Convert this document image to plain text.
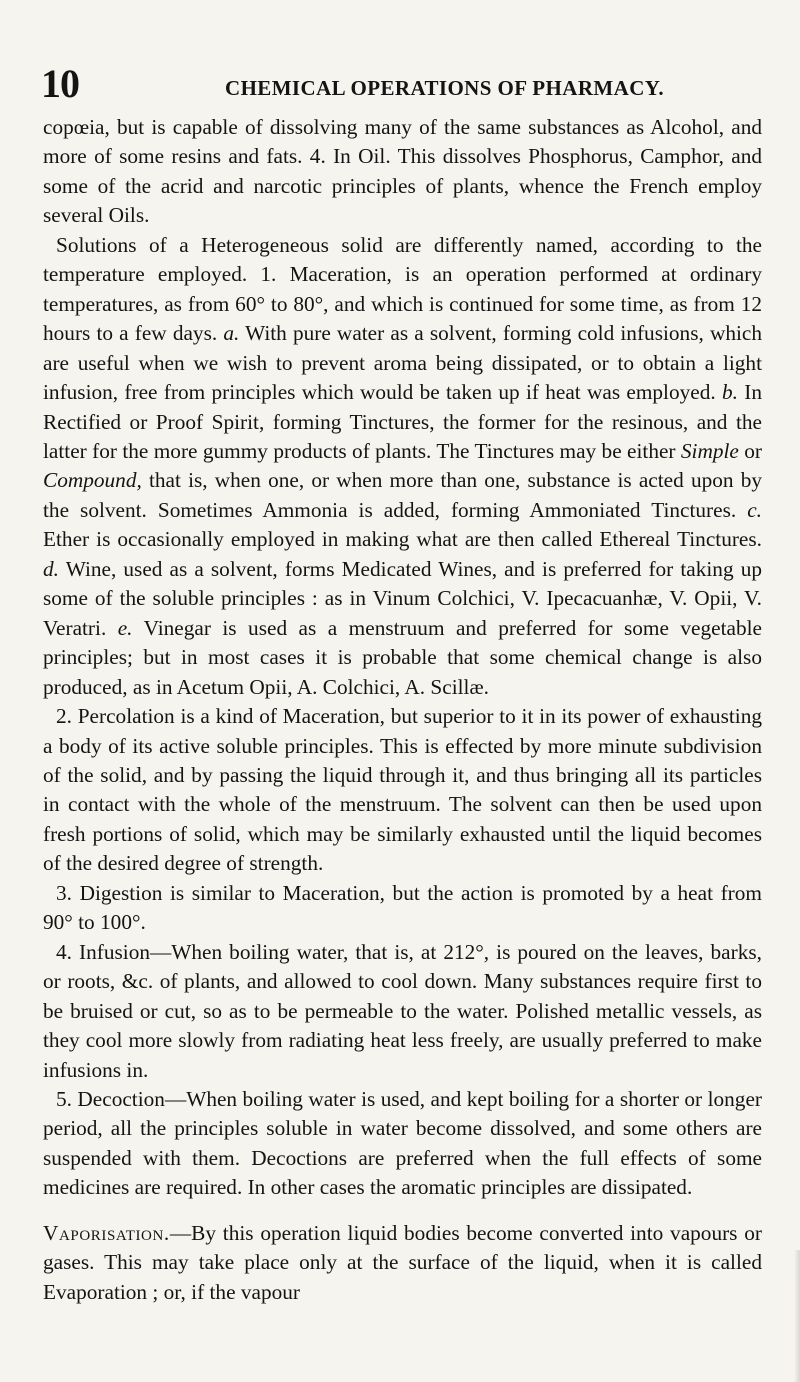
10	CHEMICAL OPERATIONS OF PHARMACY.

copœia, but is capable of dissolving many of the same substances as Alcohol, and more of some resins and fats. 4. In Oil. This dissolves Phosphorus, Camphor, and some of the acrid and narcotic principles of plants, whence the French employ several Oils.

Solutions of a Heterogeneous solid are differently named, according to the temperature employed. 1. Maceration, is an operation performed at ordinary temperatures, as from 60° to 80°, and which is continued for some time, as from 12 hours to a few days. a. With pure water as a solvent, forming cold infusions, which are useful when we wish to prevent aroma being dissipated, or to obtain a light infusion, free from principles which would be taken up if heat was employed. b. In Rectified or Proof Spirit, forming Tinctures, the former for the resinous, and the latter for the more gummy products of plants. The Tinctures may be either Simple or Compound, that is, when one, or when more than one, substance is acted upon by the solvent. Sometimes Ammonia is added, forming Ammoniated Tinctures. c. Ether is occasionally employed in making what are then called Ethereal Tinctures. d. Wine, used as a solvent, forms Medicated Wines, and is preferred for taking up some of the soluble principles : as in Vinum Colchici, V. Ipecacuanhæ, V. Opii, V. Veratri. e. Vinegar is used as a menstruum and preferred for some vegetable principles; but in most cases it is probable that some chemical change is also produced, as in Acetum Opii, A. Colchici, A. Scillæ.

2. Percolation is a kind of Maceration, but superior to it in its power of exhausting a body of its active soluble principles. This is effected by more minute subdivision of the solid, and by passing the liquid through it, and thus bringing all its particles in contact with the whole of the menstruum. The solvent can then be used upon fresh portions of solid, which may be similarly exhausted until the liquid becomes of the desired degree of strength.

3. Digestion is similar to Maceration, but the action is promoted by a heat from 90° to 100°.

4. Infusion—When boiling water, that is, at 212°, is poured on the leaves, barks, or roots, &c. of plants, and allowed to cool down. Many substances require first to be bruised or cut, so as to be permeable to the water. Polished metallic vessels, as they cool more slowly from radiating heat less freely, are usually preferred to make infusions in.

5. Decoction—When boiling water is used, and kept boiling for a shorter or longer period, all the principles soluble in water become dissolved, and some others are suspended with them. Decoctions are preferred when the full effects of some medicines are required. In other cases the aromatic principles are dissipated.

Vaporisation.—By this operation liquid bodies become converted into vapours or gases. This may take place only at the surface of the liquid, when it is called Evaporation ; or, if the vapour
